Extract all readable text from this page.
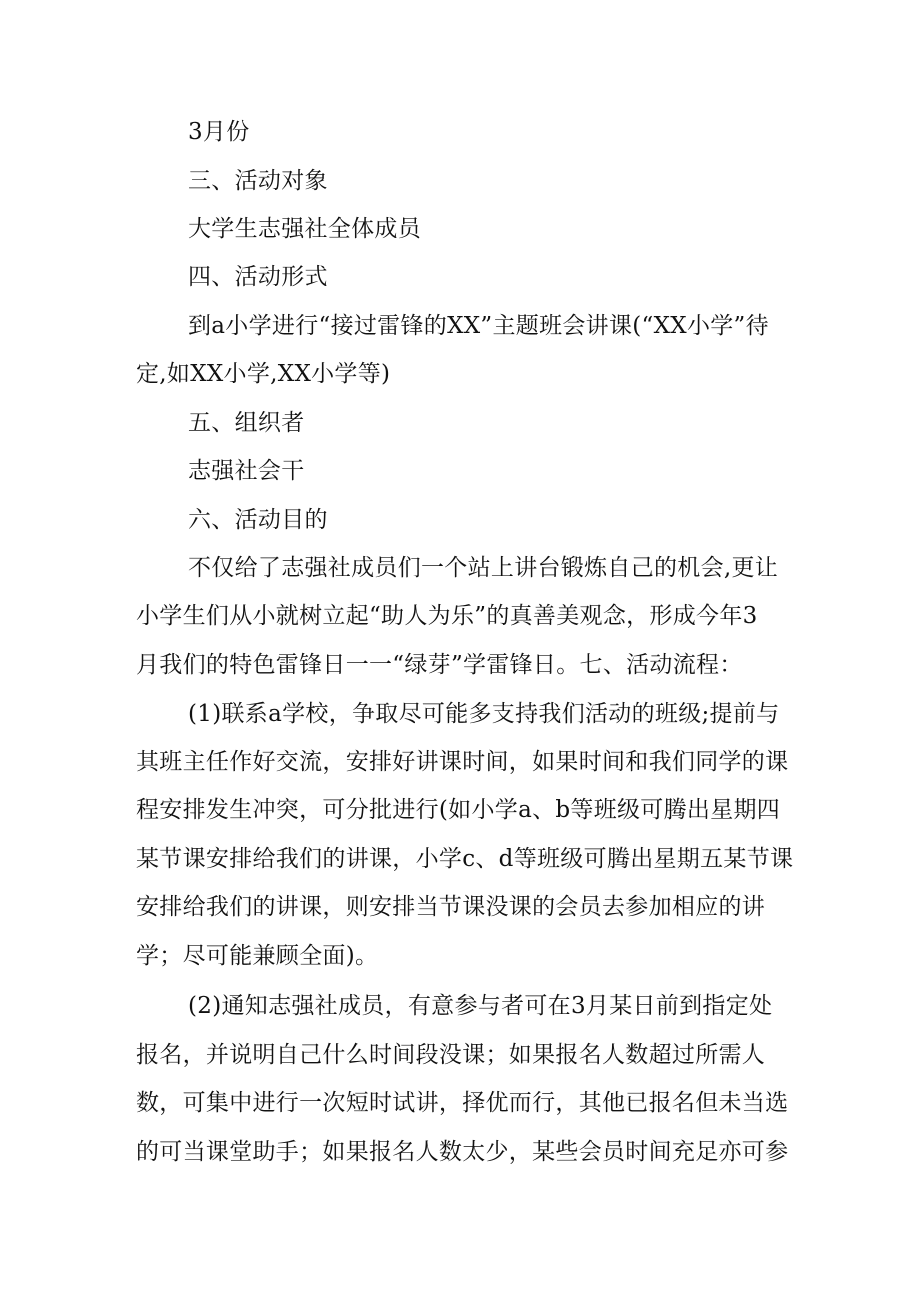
3月份
三、活动对象
大学生志强社全体成员
四、活动形式
到a小学进行“接过雷锋的XX”主题班会讲课(“XX小学”待
定,如XX小学,XX小学等)
五、组织者
志强社会干
六、活动目的
不仅给了志强社成员们一个站上讲台锻炼自己的机会,更让
小学生们从小就树立起“助人为乐”的真善美观念，形成今年3
月我们的特色雷锋日一一“绿芽”学雷锋日。七、活动流程：
(1)联系a学校，争取尽可能多支持我们活动的班级;提前与
其班主任作好交流，安排好讲课时间，如果时间和我们同学的课
程安排发生冲突，可分批进行(如小学a、b等班级可腾出星期四
某节课安排给我们的讲课，小学c、d等班级可腾出星期五某节课
安排给我们的讲课，则安排当节课没课的会员去参加相应的讲
学；尽可能兼顾全面)。
(2)通知志强社成员，有意参与者可在3月某日前到指定处
报名，并说明自己什么时间段没课；如果报名人数超过所需人
数，可集中进行一次短时试讲，择优而行，其他已报名但未当选
的可当课堂助手；如果报名人数太少，某些会员时间充足亦可参
